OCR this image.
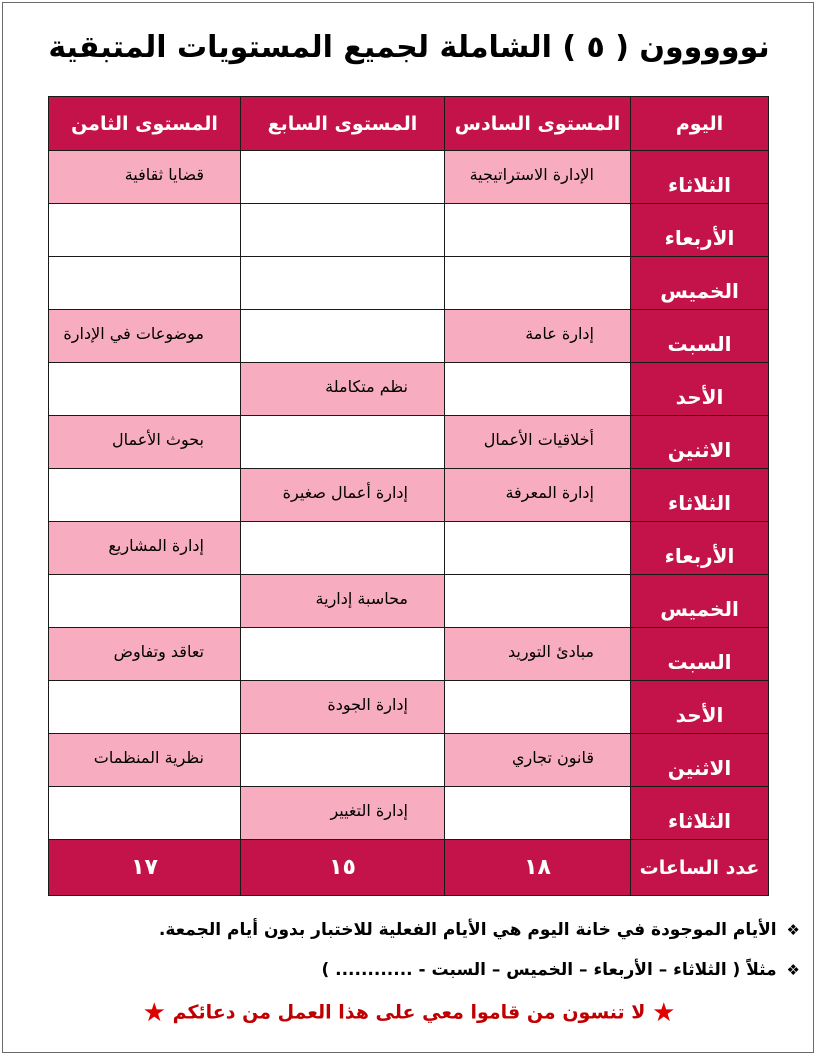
نووووون ( ٥ ) الشاملة لجميع المستويات المتبقية
اليوم	المستوى السادس	المستوى السابع	المستوى الثامن
الثلاثاء	الإدارة الاستراتيجية		قضايا ثقافية
الأربعاء			
الخميس			
السبت	إدارة عامة		موضوعات في الإدارة
الأحد		نظم متكاملة	
الاثنين	أخلاقيات الأعمال		بحوث الأعمال
الثلاثاء	إدارة المعرفة	إدارة أعمال صغيرة	
الأربعاء			إدارة المشاريع
الخميس		محاسبة إدارية	
السبت	مبادئ التوريد		تعاقد وتفاوض
الأحد		إدارة الجودة	
الاثنين	قانون تجاري		نظرية المنظمات
الثلاثاء		إدارة التغيير	
عدد الساعات	١٨	١٥	١٧
❖ الأيام الموجودة في خانة اليوم هي الأيام الفعلية للاختبار بدون أيام الجمعة.
❖ مثلاً ( الثلاثاء – الأربعاء – الخميس – السبت - ............ )
★ لا تنسون من قاموا معي على هذا العمل من دعائكم ★
